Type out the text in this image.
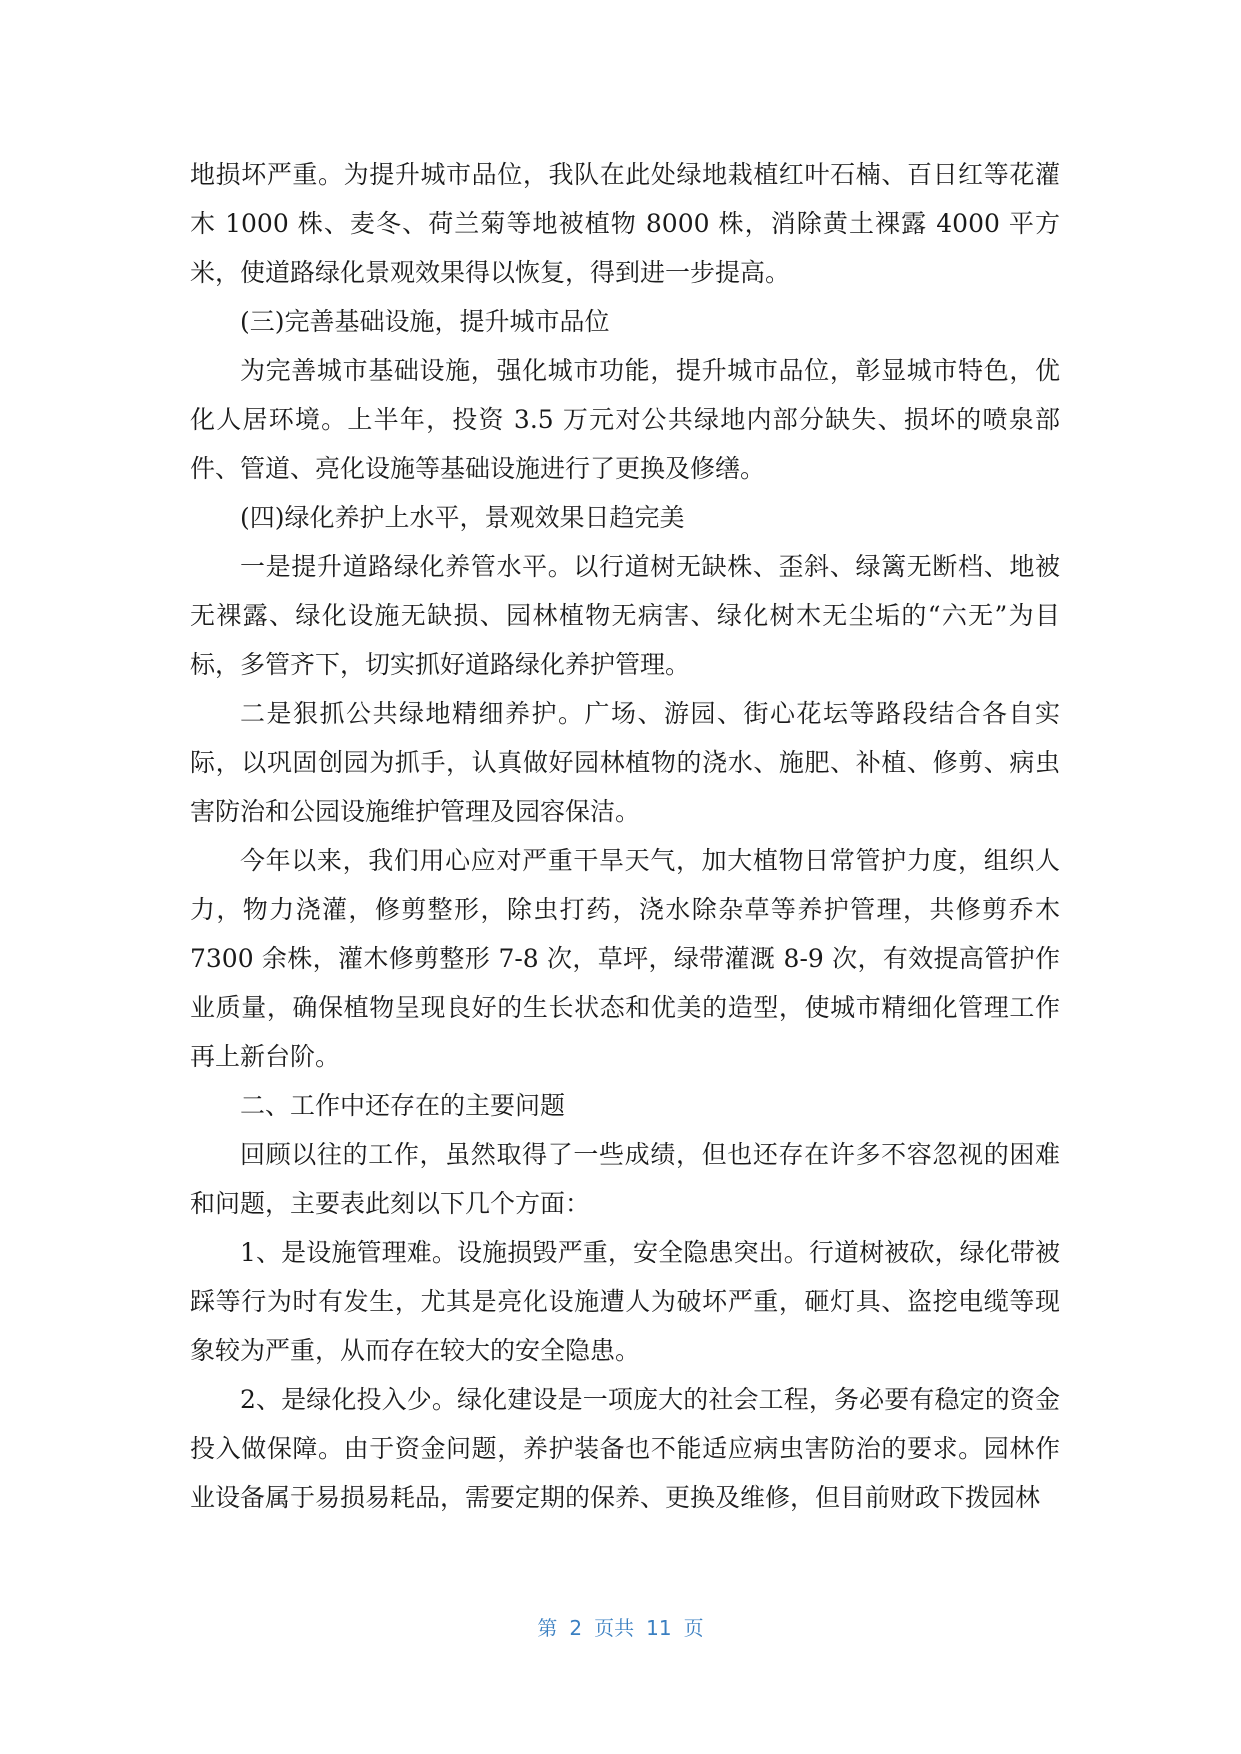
地损坏严重。为提升城市品位，我队在此处绿地栽植红叶石楠、百日红等花灌木 1000 株、麦冬、荷兰菊等地被植物 8000 株，消除黄土裸露 4000 平方米，使道路绿化景观效果得以恢复，得到进一步提高。

(三)完善基础设施，提升城市品位

为完善城市基础设施，强化城市功能，提升城市品位，彰显城市特色，优化人居环境。上半年，投资 3.5 万元对公共绿地内部分缺失、损坏的喷泉部件、管道、亮化设施等基础设施进行了更换及修缮。

(四)绿化养护上水平，景观效果日趋完美

一是提升道路绿化养管水平。以行道树无缺株、歪斜、绿篱无断档、地被无裸露、绿化设施无缺损、园林植物无病害、绿化树木无尘垢的“六无”为目标，多管齐下，切实抓好道路绿化养护管理。

二是狠抓公共绿地精细养护。广场、游园、街心花坛等路段结合各自实际，以巩固创园为抓手，认真做好园林植物的浇水、施肥、补植、修剪、病虫害防治和公园设施维护管理及园容保洁。

今年以来，我们用心应对严重干旱天气，加大植物日常管护力度，组织人力，物力浇灌，修剪整形，除虫打药，浇水除杂草等养护管理，共修剪乔木 7300 余株，灌木修剪整形 7-8 次，草坪，绿带灌溉 8-9 次，有效提高管护作业质量，确保植物呈现良好的生长状态和优美的造型，使城市精细化管理工作再上新台阶。

二、工作中还存在的主要问题

回顾以往的工作，虽然取得了一些成绩，但也还存在许多不容忽视的困难和问题，主要表此刻以下几个方面：

1、是设施管理难。设施损毁严重，安全隐患突出。行道树被砍，绿化带被踩等行为时有发生，尤其是亮化设施遭人为破坏严重，砸灯具、盗挖电缆等现象较为严重，从而存在较大的安全隐患。

2、是绿化投入少。绿化建设是一项庞大的社会工程，务必要有稳定的资金投入做保障。由于资金问题，养护装备也不能适应病虫害防治的要求。园林作业设备属于易损易耗品，需要定期的保养、更换及维修，但目前财政下拨园林

第 2 页共 11 页
